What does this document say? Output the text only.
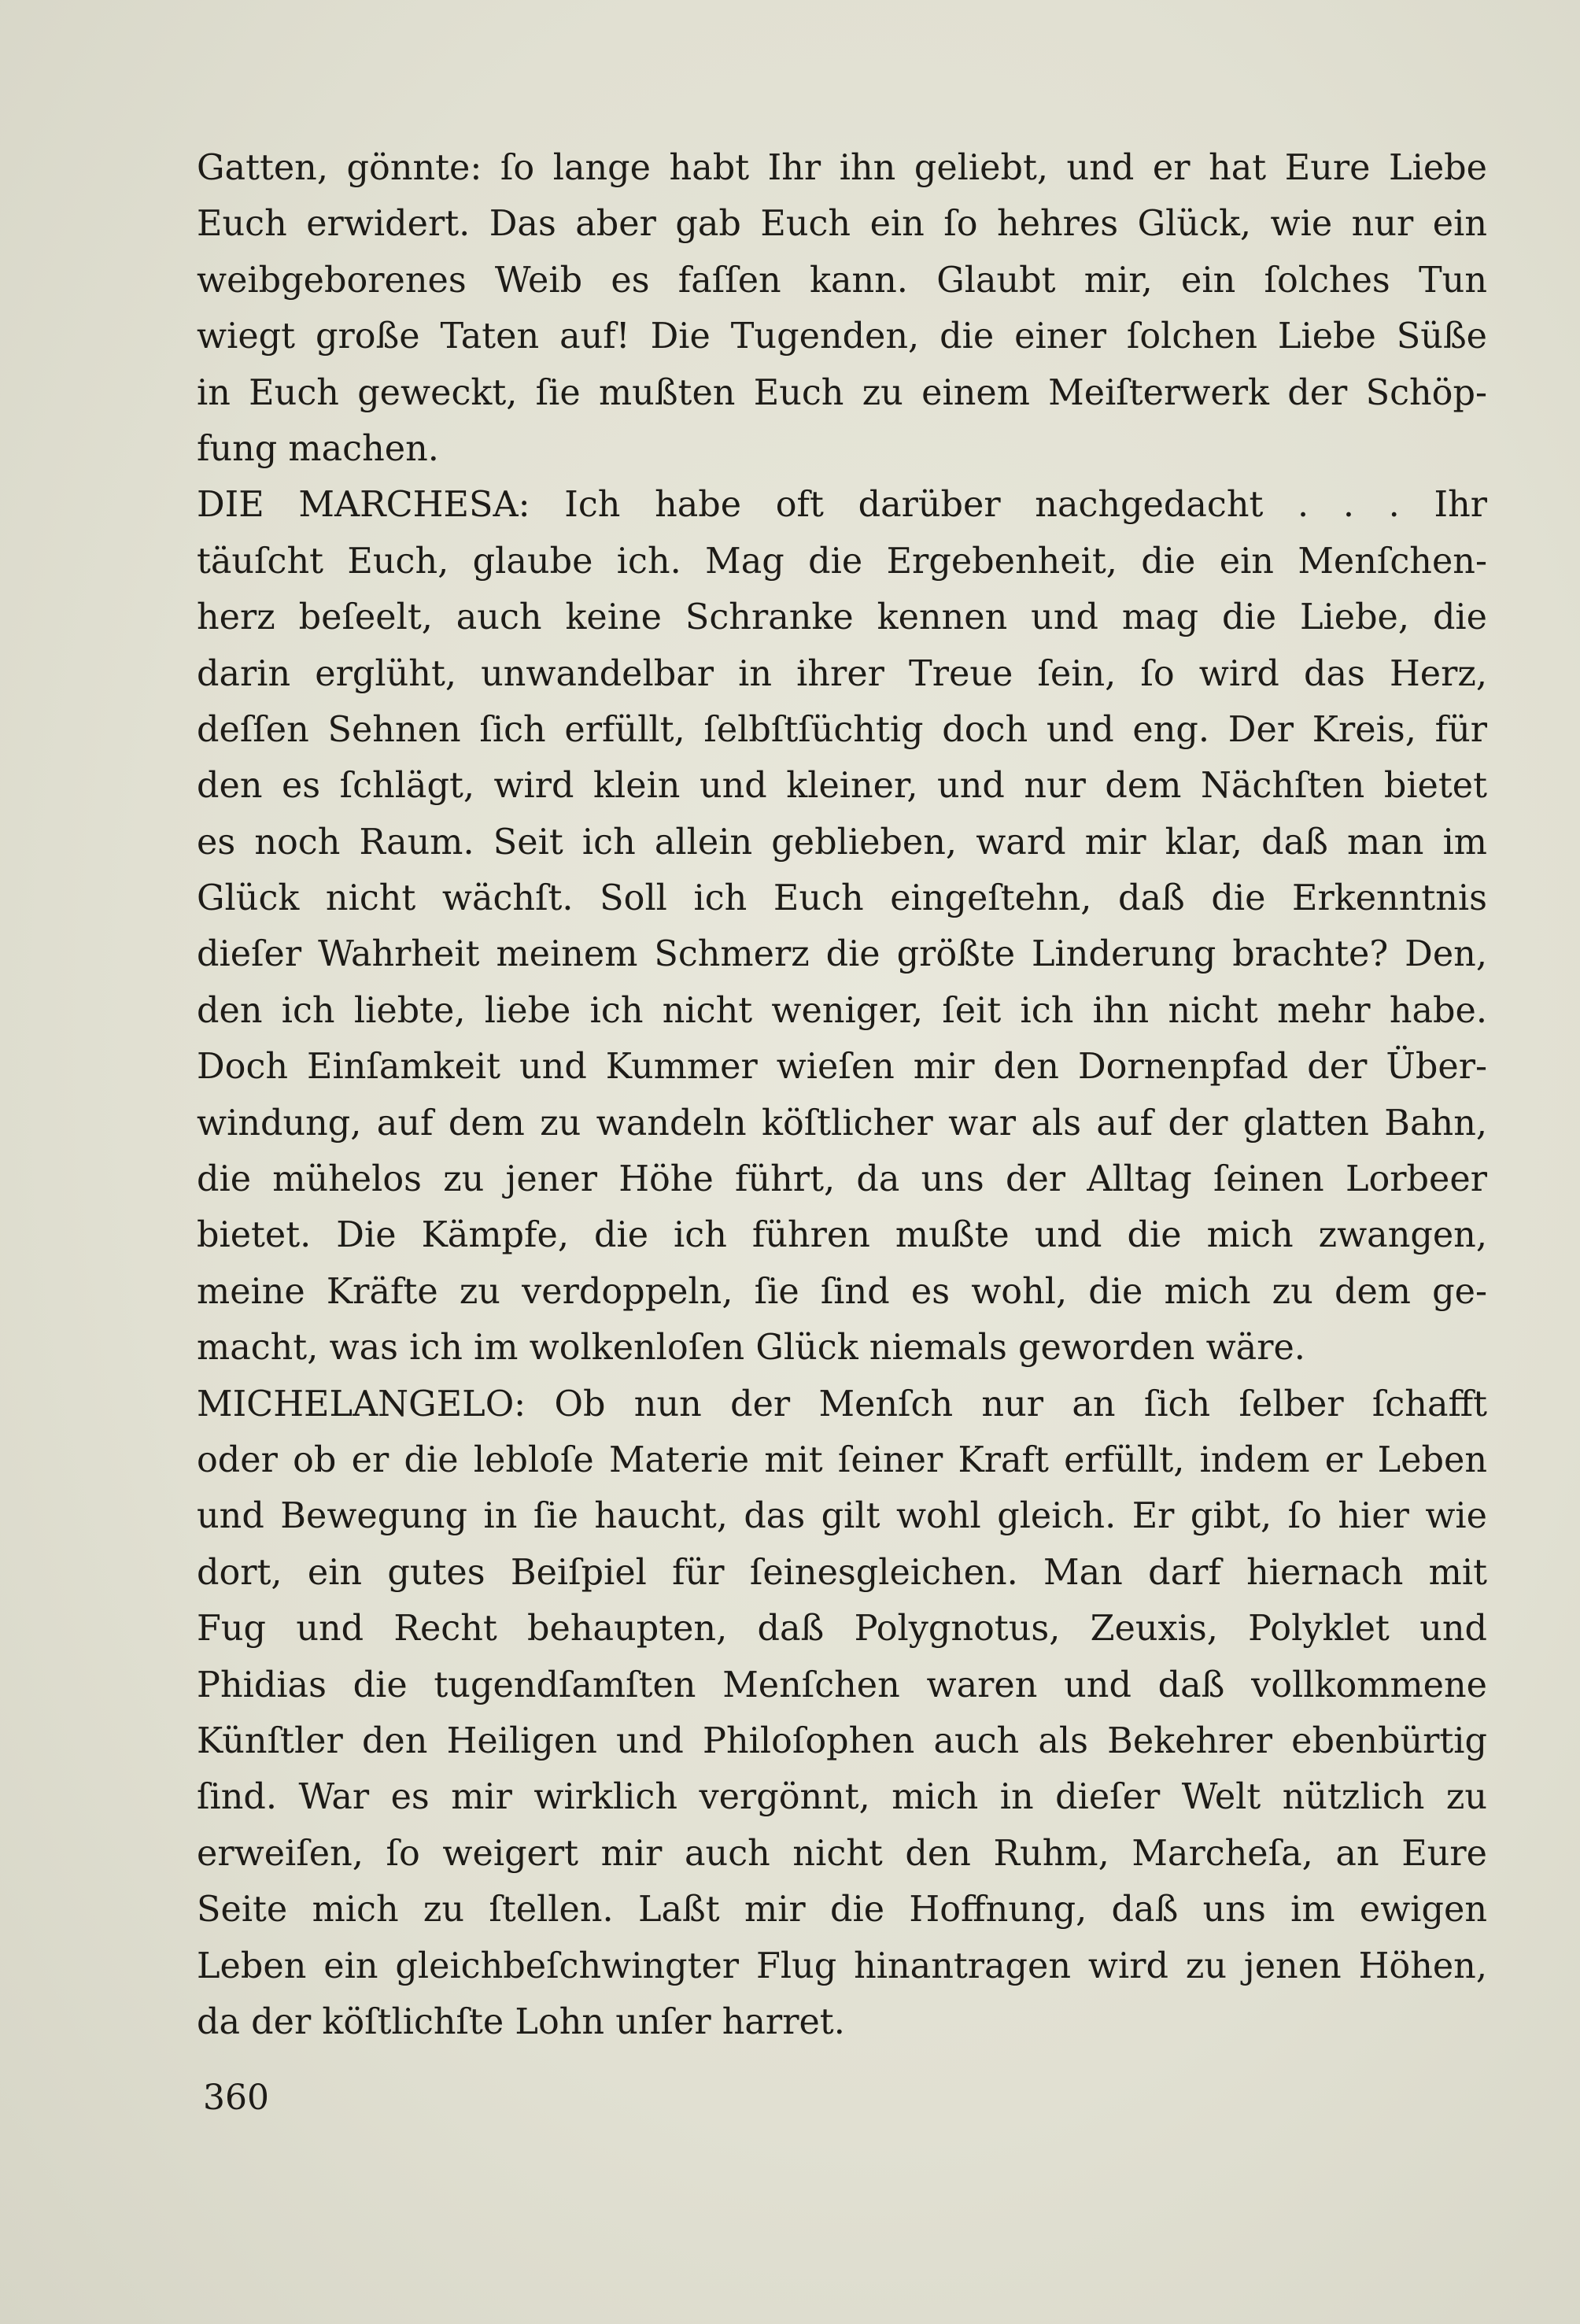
Gatten, gönnte: ſo lange habt Ihr ihn geliebt, und er hat Eure Liebe
Euch erwidert. Das aber gab Euch ein ſo hehres Glück, wie nur ein
weibgeborenes Weib es faſſen kann. Glaubt mir, ein ſolches Tun
wiegt große Taten auf! Die Tugenden, die einer ſolchen Liebe Süße
in Euch geweckt, ſie mußten Euch zu einem Meiſterwerk der Schöp-
fung machen.
DIE MARCHESA: Ich habe oft darüber nachgedacht . . . Ihr
täuſcht Euch, glaube ich. Mag die Ergebenheit, die ein Menſchen-
herz beſeelt, auch keine Schranke kennen und mag die Liebe, die
darin erglüht, unwandelbar in ihrer Treue ſein, ſo wird das Herz,
deſſen Sehnen ſich erfüllt, ſelbſtſüchtig doch und eng. Der Kreis, für
den es ſchlägt, wird klein und kleiner, und nur dem Nächſten bietet
es noch Raum. Seit ich allein geblieben, ward mir klar, daß man im
Glück nicht wächſt. Soll ich Euch eingeſtehn, daß die Erkenntnis
dieſer Wahrheit meinem Schmerz die größte Linderung brachte? Den,
den ich liebte, liebe ich nicht weniger, ſeit ich ihn nicht mehr habe.
Doch Einſamkeit und Kummer wieſen mir den Dornenpfad der Über-
windung, auf dem zu wandeln köſtlicher war als auf der glatten Bahn,
die mühelos zu jener Höhe führt, da uns der Alltag ſeinen Lorbeer
bietet. Die Kämpfe, die ich führen mußte und die mich zwangen,
meine Kräfte zu verdoppeln, ſie ſind es wohl, die mich zu dem ge-
macht, was ich im wolkenloſen Glück niemals geworden wäre.
MICHELANGELO: Ob nun der Menſch nur an ſich ſelber ſchafft
oder ob er die lebloſe Materie mit ſeiner Kraft erfüllt, indem er Leben
und Bewegung in ſie haucht, das gilt wohl gleich. Er gibt, ſo hier wie
dort, ein gutes Beiſpiel für ſeinesgleichen. Man darf hiernach mit
Fug und Recht behaupten, daß Polygnotus, Zeuxis, Polyklet und
Phidias die tugendſamſten Menſchen waren und daß vollkommene
Künſtler den Heiligen und Philoſophen auch als Bekehrer ebenbürtig
ſind. War es mir wirklich vergönnt, mich in dieſer Welt nützlich zu
erweiſen, ſo weigert mir auch nicht den Ruhm, Marcheſa, an Eure
Seite mich zu ſtellen. Laßt mir die Hoffnung, daß uns im ewigen
Leben ein gleichbeſchwingter Flug hinantragen wird zu jenen Höhen,
da der köſtlichſte Lohn unſer harret.
360
